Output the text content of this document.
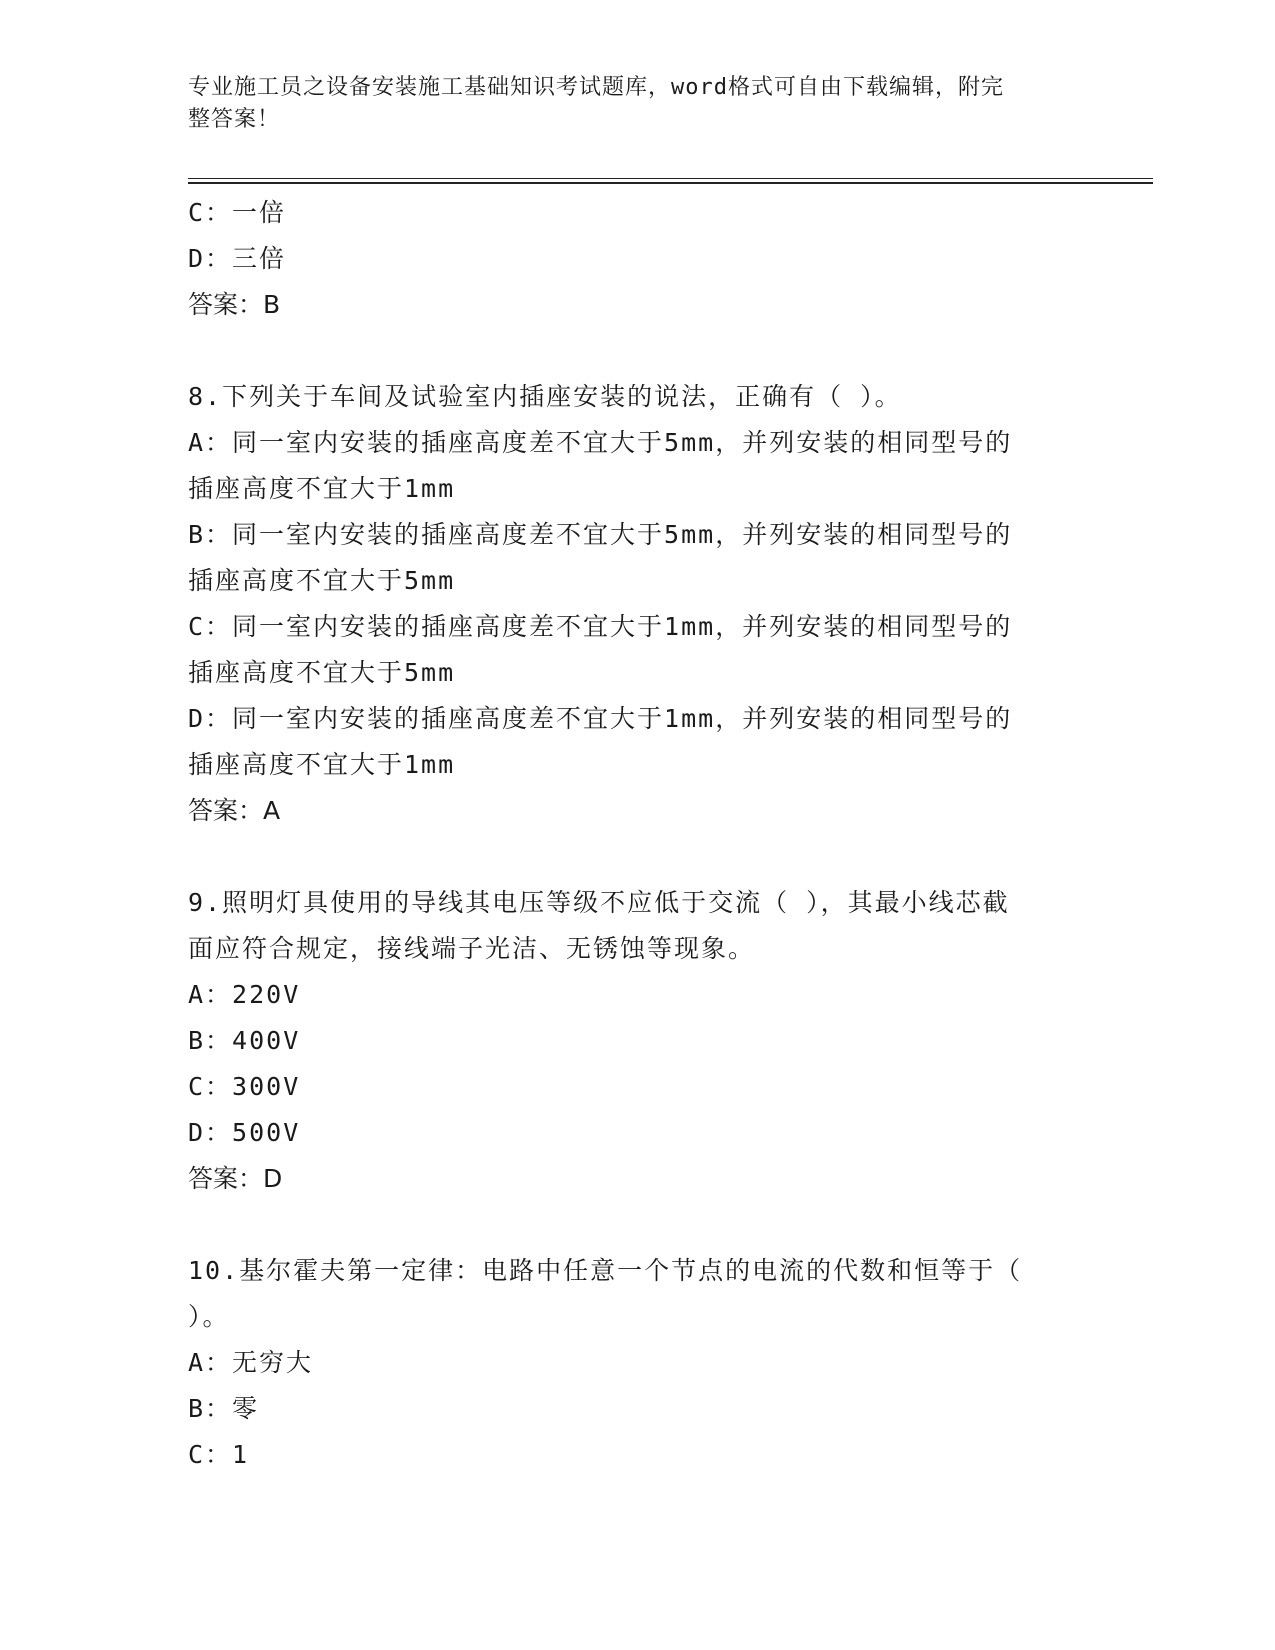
专业施工员之设备安装施工基础知识考试题库，word格式可自由下载编辑，附完
整答案！
C：一倍
D：三倍
答案：B
8.下列关于车间及试验室内插座安装的说法，正确有（ ）。
A：同一室内安装的插座高度差不宜大于5mm，并列安装的相同型号的
插座高度不宜大于1mm
B：同一室内安装的插座高度差不宜大于5mm，并列安装的相同型号的
插座高度不宜大于5mm
C：同一室内安装的插座高度差不宜大于1mm，并列安装的相同型号的
插座高度不宜大于5mm
D：同一室内安装的插座高度差不宜大于1mm，并列安装的相同型号的
插座高度不宜大于1mm
答案：A
9.照明灯具使用的导线其电压等级不应低于交流（ ），其最小线芯截
面应符合规定，接线端子光洁、无锈蚀等现象。
A：220V
B：400V
C：300V
D：500V
答案：D
10.基尔霍夫第一定律：电路中任意一个节点的电流的代数和恒等于（
）。
A：无穷大
B：零
C：1
